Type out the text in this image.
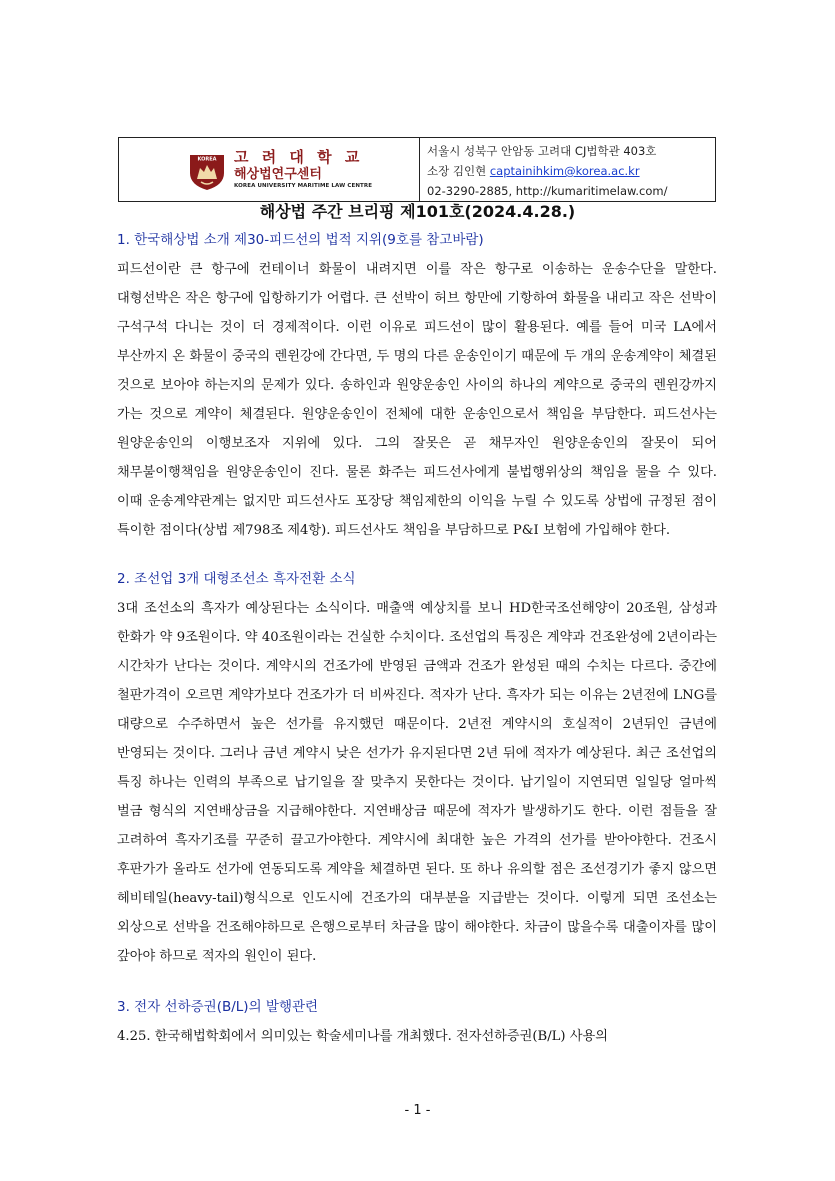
KOREA 고 려 대 학 교
해상법연구센터
KOREA UNIVERSITY MARITIME LAW CENTRE
서울시 성북구 안암동 고려대 CJ법학관 403호
소장 김인현 captainihkim@korea.ac.kr
02-3290-2885, http://kumaritimelaw.com/
해상법 주간 브리핑 제101호(2024.4.28.)

1. 한국해상법 소개 제30-피드선의 법적 지위(9호를 참고바람)

피드선이란 큰 항구에 컨테이너 화물이 내려지면 이를 작은 항구로 이송하는 운송수단을 말한다. 대형선박은 작은 항구에 입항하기가 어렵다. 큰 선박이 허브 항만에 기항하여 화물을 내리고 작은 선박이 구석구석 다니는 것이 더 경제적이다. 이런 이유로 피드선이 많이 활용된다. 예를 들어 미국 LA에서 부산까지 온 화물이 중국의 렌윈강에 간다면, 두 명의 다른 운송인이기 때문에 두 개의 운송계약이 체결된 것으로 보아야 하는지의 문제가 있다. 송하인과 원양운송인 사이의 하나의 계약으로 중국의 렌윈강까지 가는 것으로 계약이 체결된다. 원양운송인이 전체에 대한 운송인으로서 책임을 부담한다. 피드선사는 원양운송인의 이행보조자 지위에 있다. 그의 잘못은 곧 채무자인 원양운송인의 잘못이 되어 채무불이행책임을 원양운송인이 진다. 물론 화주는 피드선사에게 불법행위상의 책임을 물을 수 있다. 이때 운송계약관계는 없지만 피드선사도 포장당 책임제한의 이익을 누릴 수 있도록 상법에 규정된 점이 특이한 점이다(상법 제798조 제4항). 피드선사도 책임을 부담하므로 P&I 보험에 가입해야 한다.

2. 조선업 3개 대형조선소 흑자전환 소식

3대 조선소의 흑자가 예상된다는 소식이다. 매출액 예상치를 보니 HD한국조선해양이 20조원, 삼성과 한화가 약 9조원이다. 약 40조원이라는 건실한 수치이다. 조선업의 특징은 계약과 건조완성에 2년이라는 시간차가 난다는 것이다. 계약시의 건조가에 반영된 금액과 건조가 완성된 때의 수치는 다르다. 중간에 철판가격이 오르면 계약가보다 건조가가 더 비싸진다. 적자가 난다. 흑자가 되는 이유는 2년전에 LNG를 대량으로 수주하면서 높은 선가를 유지했던 때문이다. 2년전 계약시의 호실적이 2년뒤인 금년에 반영되는 것이다. 그러나 금년 계약시 낮은 선가가 유지된다면 2년 뒤에 적자가 예상된다. 최근 조선업의 특징 하나는 인력의 부족으로 납기일을 잘 맞추지 못한다는 것이다. 납기일이 지연되면 일일당 얼마씩 벌금 형식의 지연배상금을 지급해야한다. 지연배상금 때문에 적자가 발생하기도 한다. 이런 점들을 잘 고려하여 흑자기조를 꾸준히 끌고가야한다. 계약시에 최대한 높은 가격의 선가를 받아야한다. 건조시 후판가가 올라도 선가에 연동되도록 계약을 체결하면 된다. 또 하나 유의할 점은 조선경기가 좋지 않으면 헤비테일(heavy-tail)형식으로 인도시에 건조가의 대부분을 지급받는 것이다. 이렇게 되면 조선소는 외상으로 선박을 건조해야하므로 은행으로부터 차금을 많이 해야한다. 차금이 많을수록 대출이자를 많이 갚아야 하므로 적자의 원인이 된다.

3. 전자 선하증권(B/L)의 발행관련

4.25. 한국해법학회에서 의미있는 학술세미나를 개최했다. 전자선하증권(B/L) 사용의

- 1 -
